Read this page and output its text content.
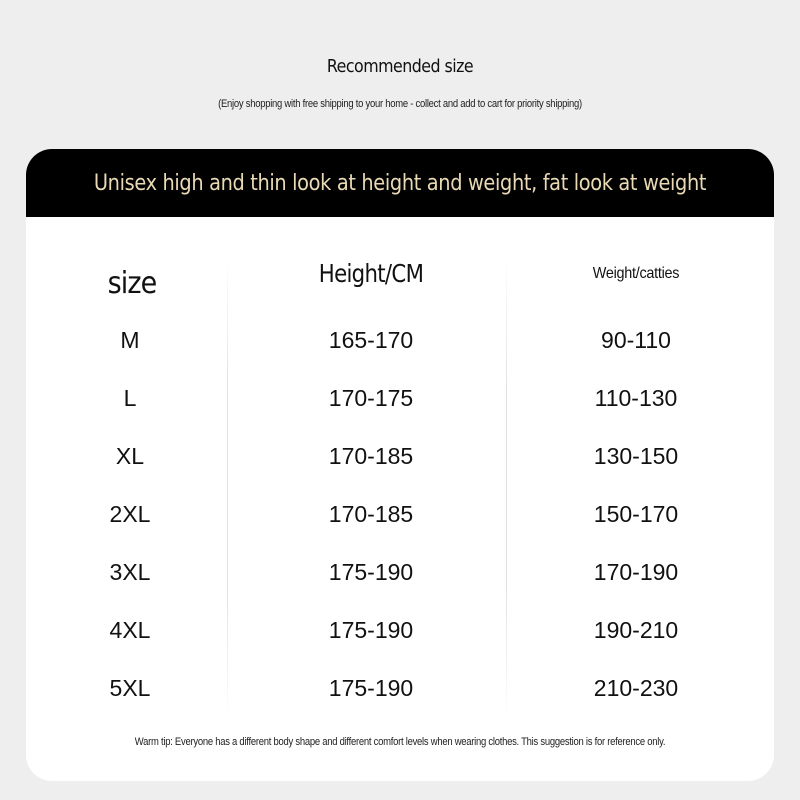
Recommended size
(Enjoy shopping with free shipping to your home - collect and add to cart for priority shipping)
Unisex high and thin look at height and weight, fat look at weight
size	Height/CM	Weight/catties
M	165-170	90-110
L	170-175	110-130
XL	170-185	130-150
2XL	170-185	150-170
3XL	175-190	170-190
4XL	175-190	190-210
5XL	175-190	210-230
Warm tip: Everyone has a different body shape and different comfort levels when wearing clothes. This suggestion is for reference only.
